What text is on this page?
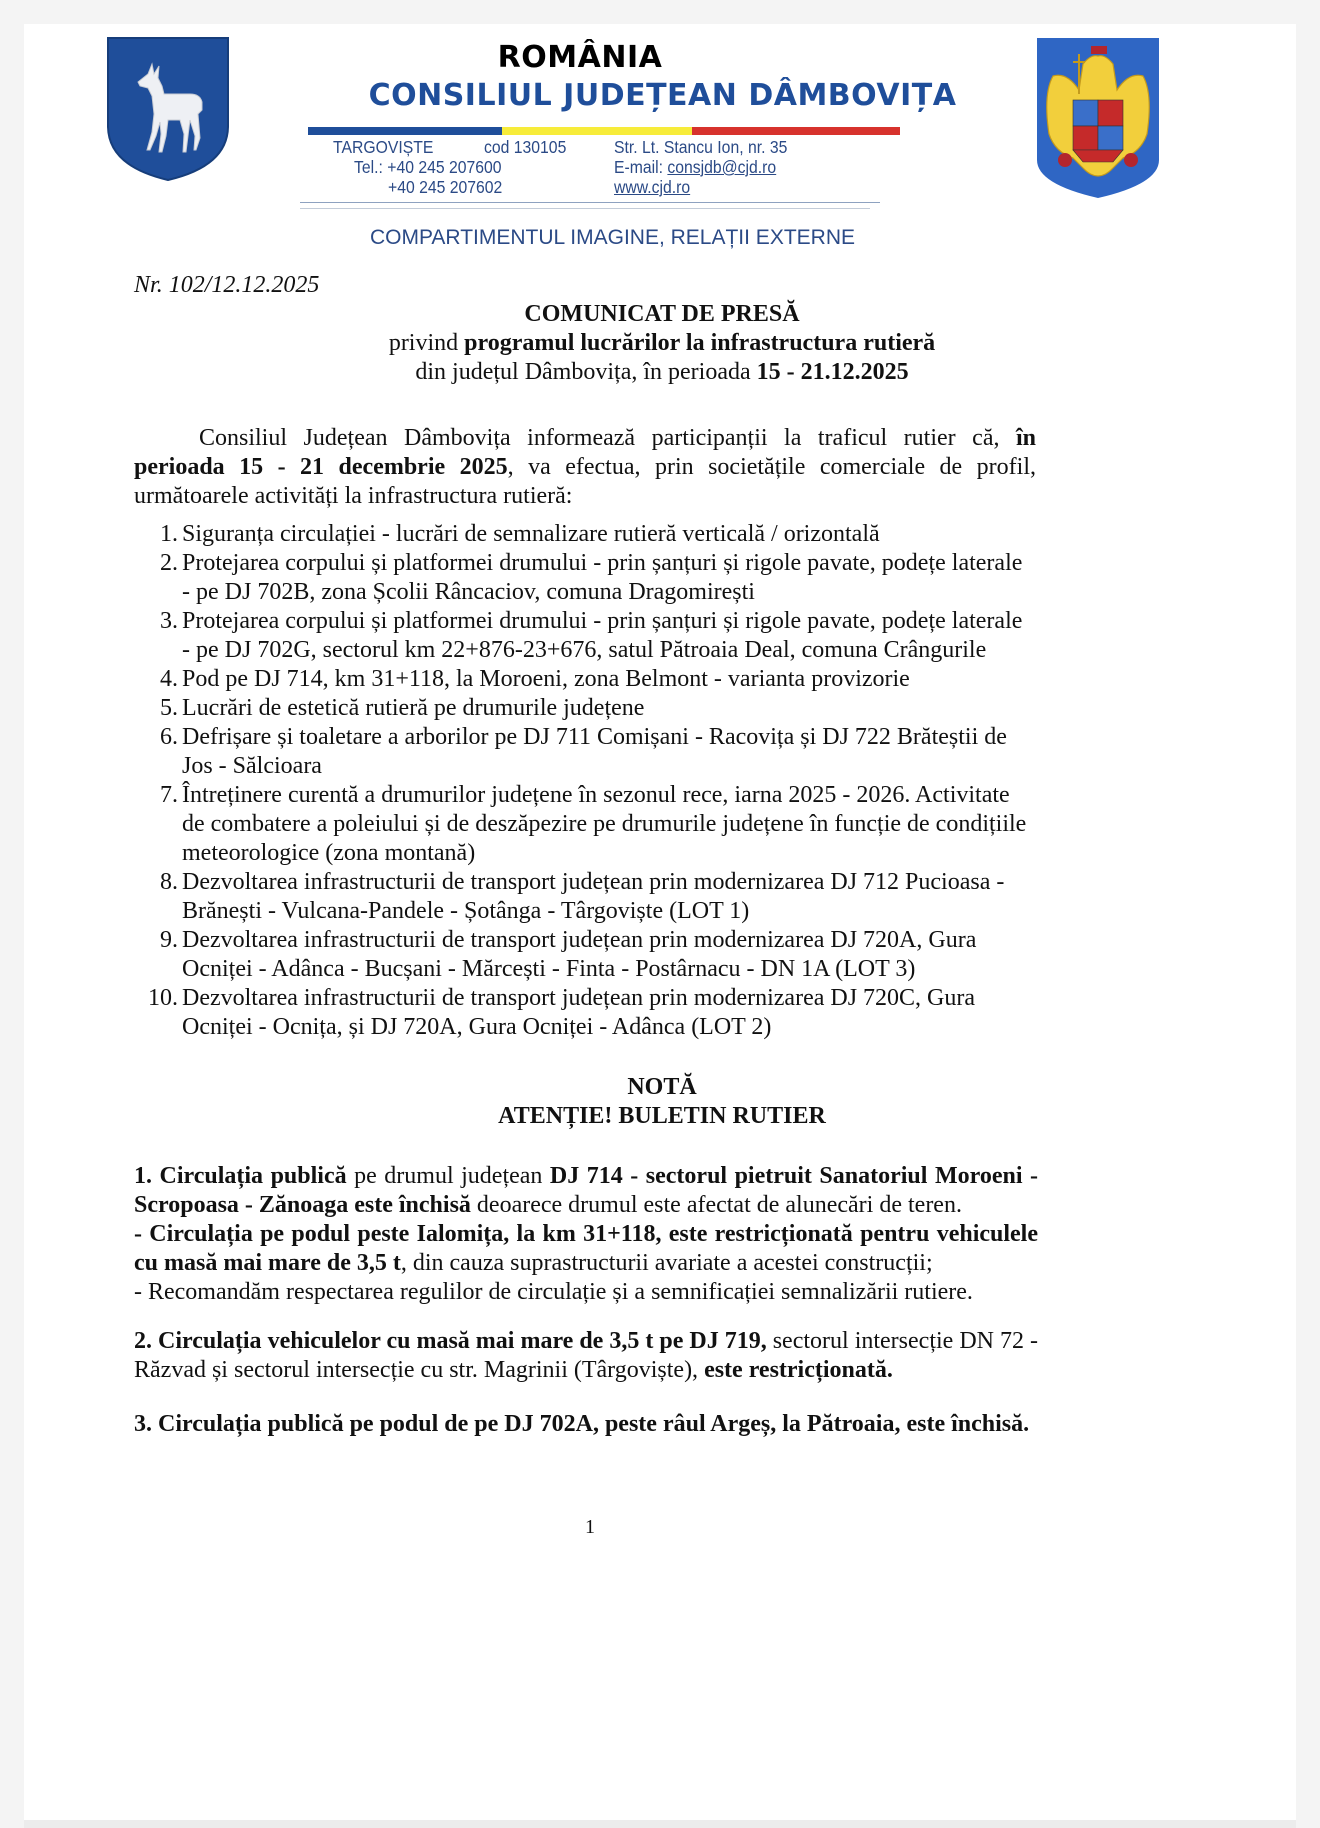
ROMÂNIA
CONSILIUL JUDEȚEAN DÂMBOVIȚA
TARGOVIȘTE	cod 130105	Str. Lt. Stancu Ion, nr. 35
Tel.: +40 245 207600	E-mail: consjdb@cjd.ro
+40 245 207602	www.cjd.ro
COMPARTIMENTUL IMAGINE, RELAȚII EXTERNE
Nr. 102/12.12.2025
COMUNICAT DE PRESĂ
privind programul lucrărilor la infrastructura rutieră
din județul Dâmbovița, în perioada 15 - 21.12.2025
Consiliul Județean Dâmbovița informează participanții la traficul rutier că, în perioada 15 - 21 decembrie 2025, va efectua, prin societățile comerciale de profil, următoarele activități la infrastructura rutieră:
1. Siguranța circulației - lucrări de semnalizare rutieră verticală / orizontală
2. Protejarea corpului și platformei drumului - prin șanțuri și rigole pavate, podețe laterale - pe DJ 702B, zona Școlii Râncaciov, comuna Dragomirești
3. Protejarea corpului și platformei drumului - prin șanțuri și rigole pavate, podețe laterale - pe DJ 702G, sectorul km 22+876-23+676, satul Pătroaia Deal, comuna Crângurile
4. Pod pe DJ 714, km 31+118, la Moroeni, zona Belmont - varianta provizorie
5. Lucrări de estetică rutieră pe drumurile județene
6. Defrișare și toaletare a arborilor pe DJ 711 Comișani - Racovița și DJ 722 Brăteștii de Jos - Sălcioara
7. Întreținere curentă a drumurilor județene în sezonul rece, iarna 2025 - 2026. Activitate de combatere a poleiului și de deszăpezire pe drumurile județene în funcție de condițiile meteorologice (zona montană)
8. Dezvoltarea infrastructurii de transport județean prin modernizarea DJ 712 Pucioasa - Brănești - Vulcana-Pandele - Șotânga - Târgoviște (LOT 1)
9. Dezvoltarea infrastructurii de transport județean prin modernizarea DJ 720A, Gura Ocniței - Adânca - Bucșani - Mărcești - Finta - Postârnacu - DN 1A (LOT 3)
10. Dezvoltarea infrastructurii de transport județean prin modernizarea DJ 720C, Gura Ocniței - Ocnița, și DJ 720A, Gura Ocniței - Adânca (LOT 2)
NOTĂ
ATENȚIE! BULETIN RUTIER
1. Circulația publică pe drumul județean DJ 714 - sectorul pietruit Sanatoriul Moroeni - Scropoasa - Zănoaga este închisă deoarece drumul este afectat de alunecări de teren.
- Circulația pe podul peste Ialomița, la km 31+118, este restricționată pentru vehiculele cu masă mai mare de 3,5 t, din cauza suprastructurii avariate a acestei construcții;
- Recomandăm respectarea regulilor de circulație și a semnificației semnalizării rutiere.
2. Circulația vehiculelor cu masă mai mare de 3,5 t pe DJ 719, sectorul intersecție DN 72 - Răzvad și sectorul intersecție cu str. Magrinii (Târgoviște), este restricționată.
3. Circulația publică pe podul de pe DJ 702A, peste râul Argeș, la Pătroaia, este închisă.
1
